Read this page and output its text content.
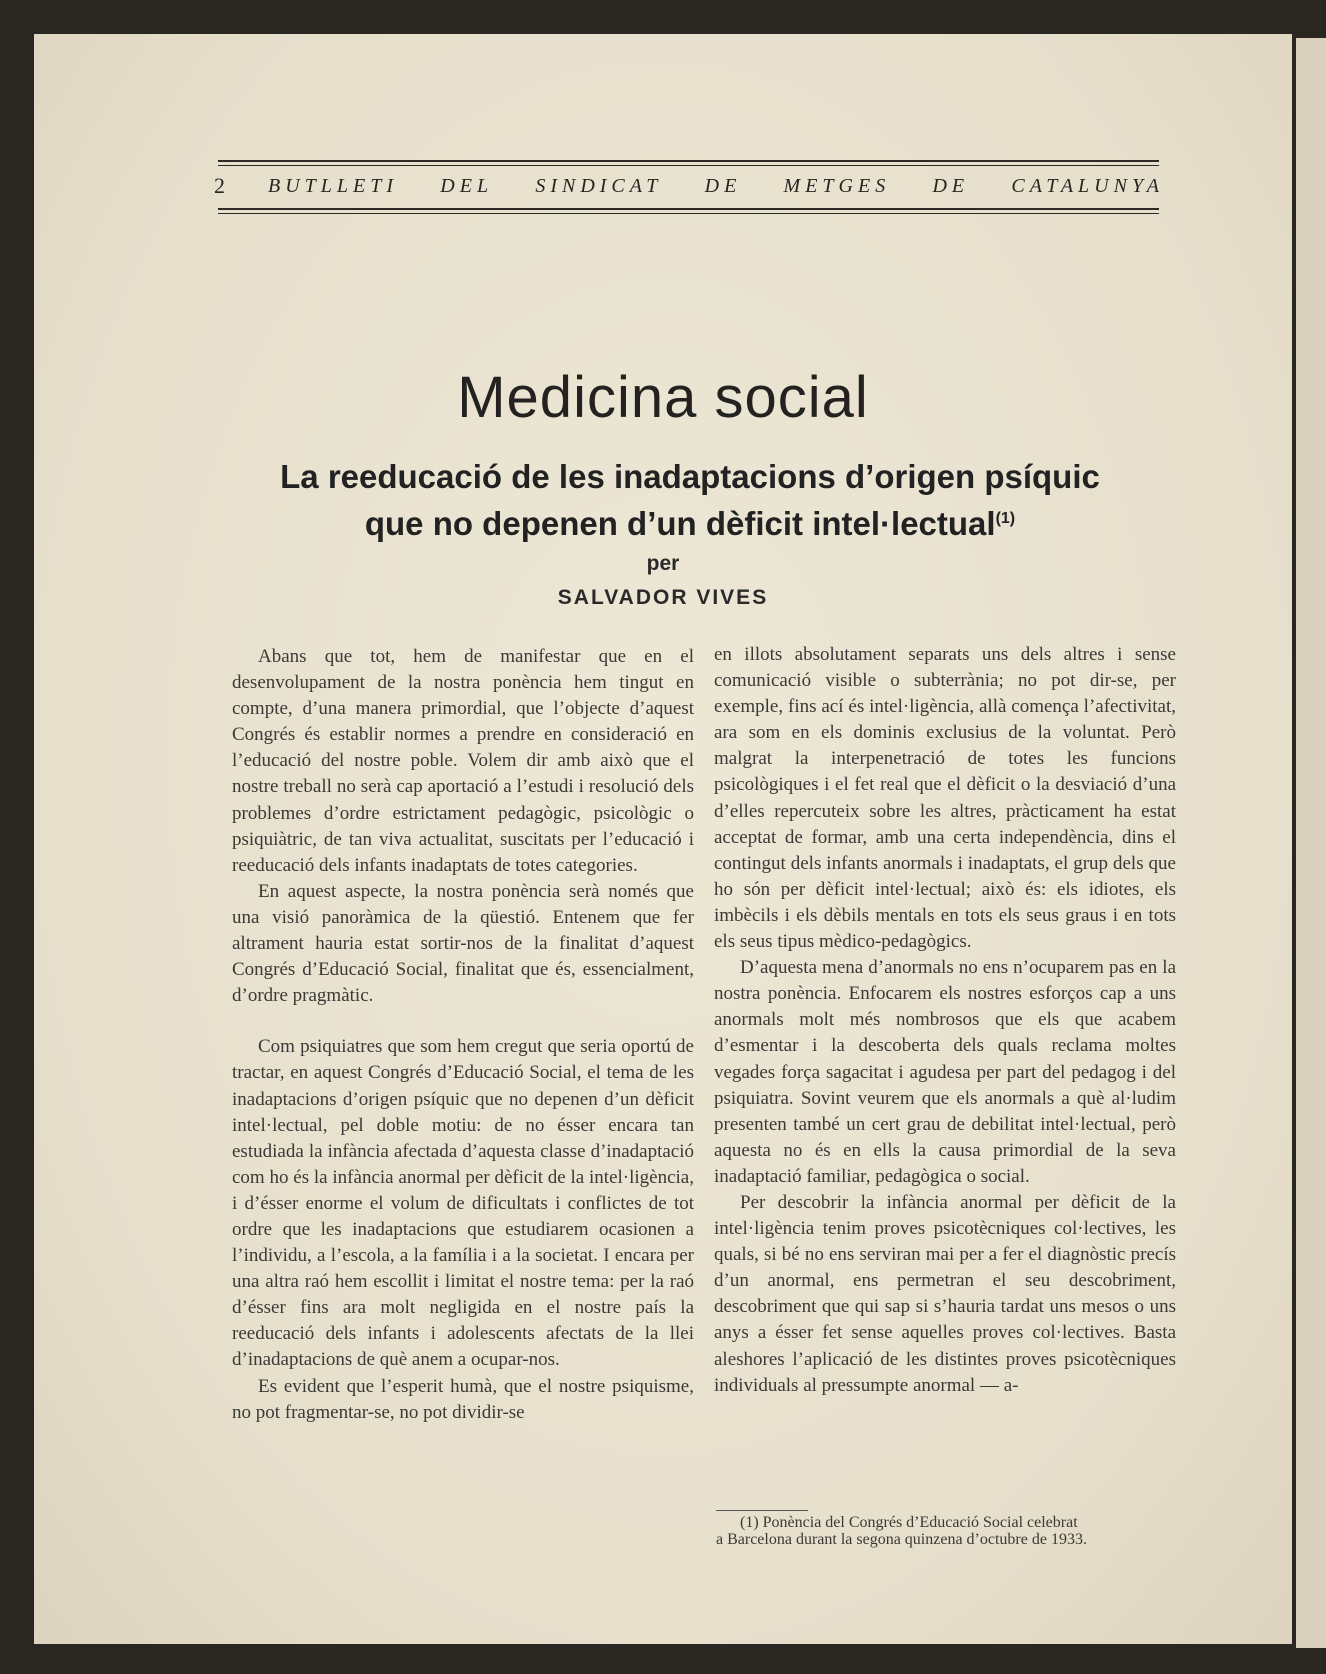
2	BUTLLETI DEL SINDICAT DE METGES DE CATALUNYA
Medicina social
La reeducació de les inadaptacions d’origen psíquic
que no depenen d’un dèficit intel·lectual$^{(1)}$
per
SALVADOR VIVES

Abans que tot, hem de manifestar que en el desenvolupament de la nostra ponència hem tingut en compte, d’una manera primordial, que l’objecte d’aquest Congrés és establir normes a prendre en consideració en l’educació del nostre poble. Volem dir amb això que el nostre treball no serà cap aportació a l’estudi i resolució dels problemes d’ordre estrictament pedagògic, psicològic o psiquiàtric, de tan viva actualitat, suscitats per l’educació i reeducació dels infants inadaptats de totes categories.

En aquest aspecte, la nostra ponència serà només que una visió panoràmica de la qüestió. Entenem que fer altrament hauria estat sortir-nos de la finalitat d’aquest Congrés d’Educació Social, finalitat que és, essencialment, d’ordre pragmàtic.

Com psiquiatres que som hem cregut que seria oportú de tractar, en aquest Congrés d’Educació Social, el tema de les inadaptacions d’origen psíquic que no depenen d’un dèficit intel·lectual, pel doble motiu: de no ésser encara tan estudiada la infància afectada d’aquesta classe d’inadaptació com ho és la infància anormal per dèficit de la intel·ligència, i d’ésser enorme el volum de dificultats i conflictes de tot ordre que les inadaptacions que estudiarem ocasionen a l’individu, a l’escola, a la família i a la societat. I encara per una altra raó hem escollit i limitat el nostre tema: per la raó d’ésser fins ara molt negligida en el nostre país la reeducació dels infants i adolescents afectats de la llei d’inadaptacions de què anem a ocupar-nos.

Es evident que l’esperit humà, que el nostre psiquisme, no pot fragmentar-se, no pot dividir-se

en illots absolutament separats uns dels altres i sense comunicació visible o subterrània; no pot dir-se, per exemple, fins ací és intel·ligència, allà comença l’afectivitat, ara som en els dominis exclusius de la voluntat. Però malgrat la interpenetració de totes les funcions psicològiques i el fet real que el dèficit o la desviació d’una d’elles repercuteix sobre les altres, pràcticament ha estat acceptat de formar, amb una certa independència, dins el contingut dels infants anormals i inadaptats, el grup dels que ho són per dèficit intel·lectual; això és: els idiotes, els imbècils i els dèbils mentals en tots els seus graus i en tots els seus tipus mèdico-pedagògics.

D’aquesta mena d’anormals no ens n’ocuparem pas en la nostra ponència. Enfocarem els nostres esforços cap a uns anormals molt més nombrosos que els que acabem d’esmentar i la descoberta dels quals reclama moltes vegades força sagacitat i agudesa per part del pedagog i del psiquiatra. Sovint veurem que els anormals a què al·ludim presenten també un cert grau de debilitat intel·lectual, però aquesta no és en ells la causa primordial de la seva inadaptació familiar, pedagògica o social.

Per descobrir la infància anormal per dèficit de la intel·ligència tenim proves psicotècniques col·lectives, les quals, si bé no ens serviran mai per a fer el diagnòstic precís d’un anormal, ens permetran el seu descobriment, descobriment que qui sap si s’hauria tardat uns mesos o uns anys a ésser fet sense aquelles proves col·lectives. Basta aleshores l’aplicació de les distintes proves psicotècniques individuals al pressumpte anormal — a-

(1) Ponència del Congrés d’Educació Social celebrat
a Barcelona durant la segona quinzena d’octubre de 1933.
